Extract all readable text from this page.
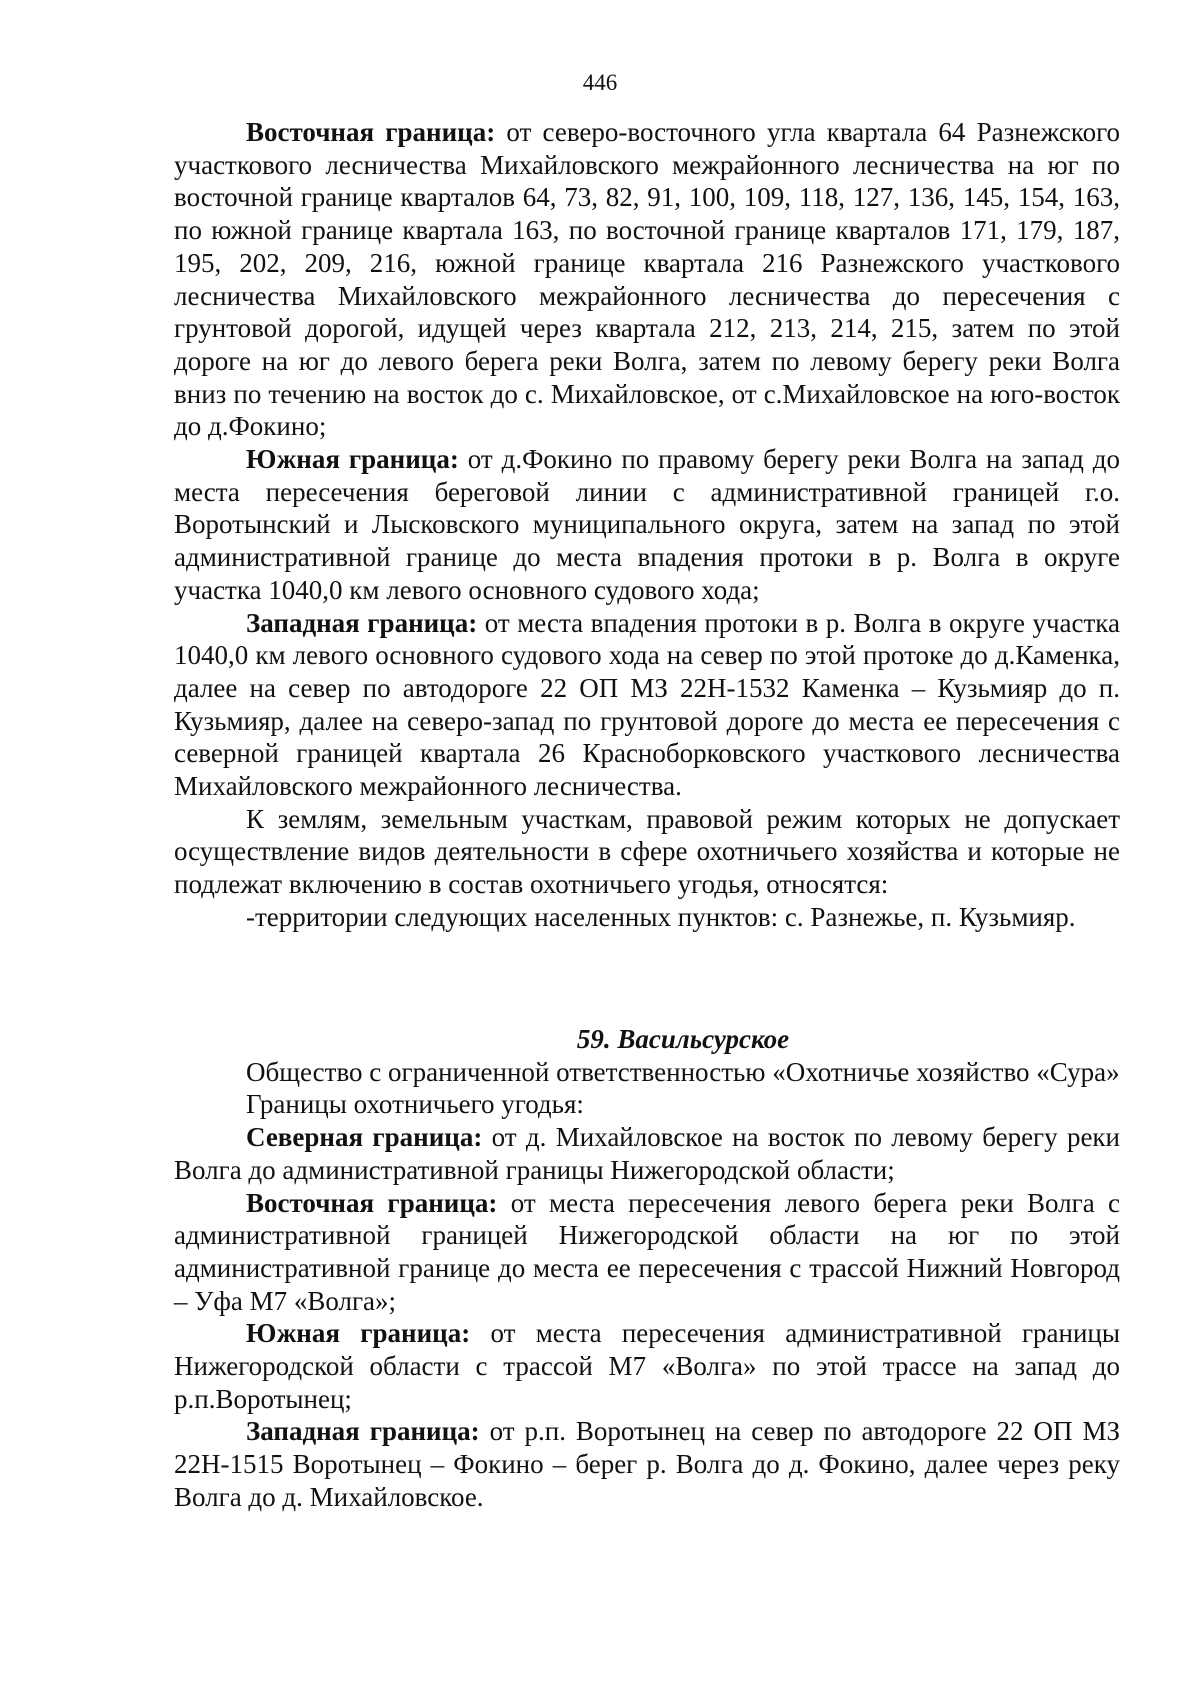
446

Восточная граница: от северо-восточного угла квартала 64 Разнежского участкового лесничества Михайловского межрайонного лесничества на юг по восточной границе кварталов 64, 73, 82, 91, 100, 109, 118, 127, 136, 145, 154, 163, по южной границе квартала 163, по восточной границе кварталов 171, 179, 187, 195, 202, 209, 216, южной границе квартала 216 Разнежского участкового лесничества Михайловского межрайонного лесничества до пересечения с грунтовой дорогой, идущей через квартала 212, 213, 214, 215, затем по этой дороге на юг до левого берега реки Волга, затем по левому берегу реки Волга вниз по течению на восток до с. Михайловское, от с.Михайловское на юго-восток до д.Фокино;

Южная граница: от д.Фокино по правому берегу реки Волга на запад до места пересечения береговой линии с административной границей г.о. Воротынский и Лысковского муниципального округа, затем на запад по этой административной границе до места впадения протоки в р. Волга в округе участка 1040,0 км левого основного судового хода;

Западная граница: от места впадения протоки в р. Волга в округе участка 1040,0 км левого основного судового хода на север по этой протоке до д.Каменка, далее на север по автодороге 22 ОП МЗ 22Н-1532 Каменка – Кузьмияр до п. Кузьмияр, далее на северо-запад по грунтовой дороге до места ее пересечения с северной границей квартала 26 Красноборковского участкового лесничества Михайловского межрайонного лесничества.

К землям, земельным участкам, правовой режим которых не допускает осуществление видов деятельности в сфере охотничьего хозяйства и которые не подлежат включению в состав охотничьего угодья, относятся:

-территории следующих населенных пунктов: с. Разнежье, п. Кузьмияр.

59. Васильсурское

Общество с ограниченной ответственностью «Охотничье хозяйство «Сура»

Границы охотничьего угодья:

Северная граница: от д. Михайловское на восток по левому берегу реки Волга до административной границы Нижегородской области;

Восточная граница: от места пересечения левого берега реки Волга с административной границей Нижегородской области на юг по этой административной границе до места ее пересечения с трассой Нижний Новгород – Уфа М7 «Волга»;

Южная граница: от места пересечения административной границы Нижегородской области с трассой М7 «Волга» по этой трассе на запад до р.п.Воротынец;

Западная граница: от р.п. Воротынец на север по автодороге 22 ОП МЗ 22Н-1515 Воротынец – Фокино – берег р. Волга до д. Фокино, далее через реку Волга до д. Михайловское.
